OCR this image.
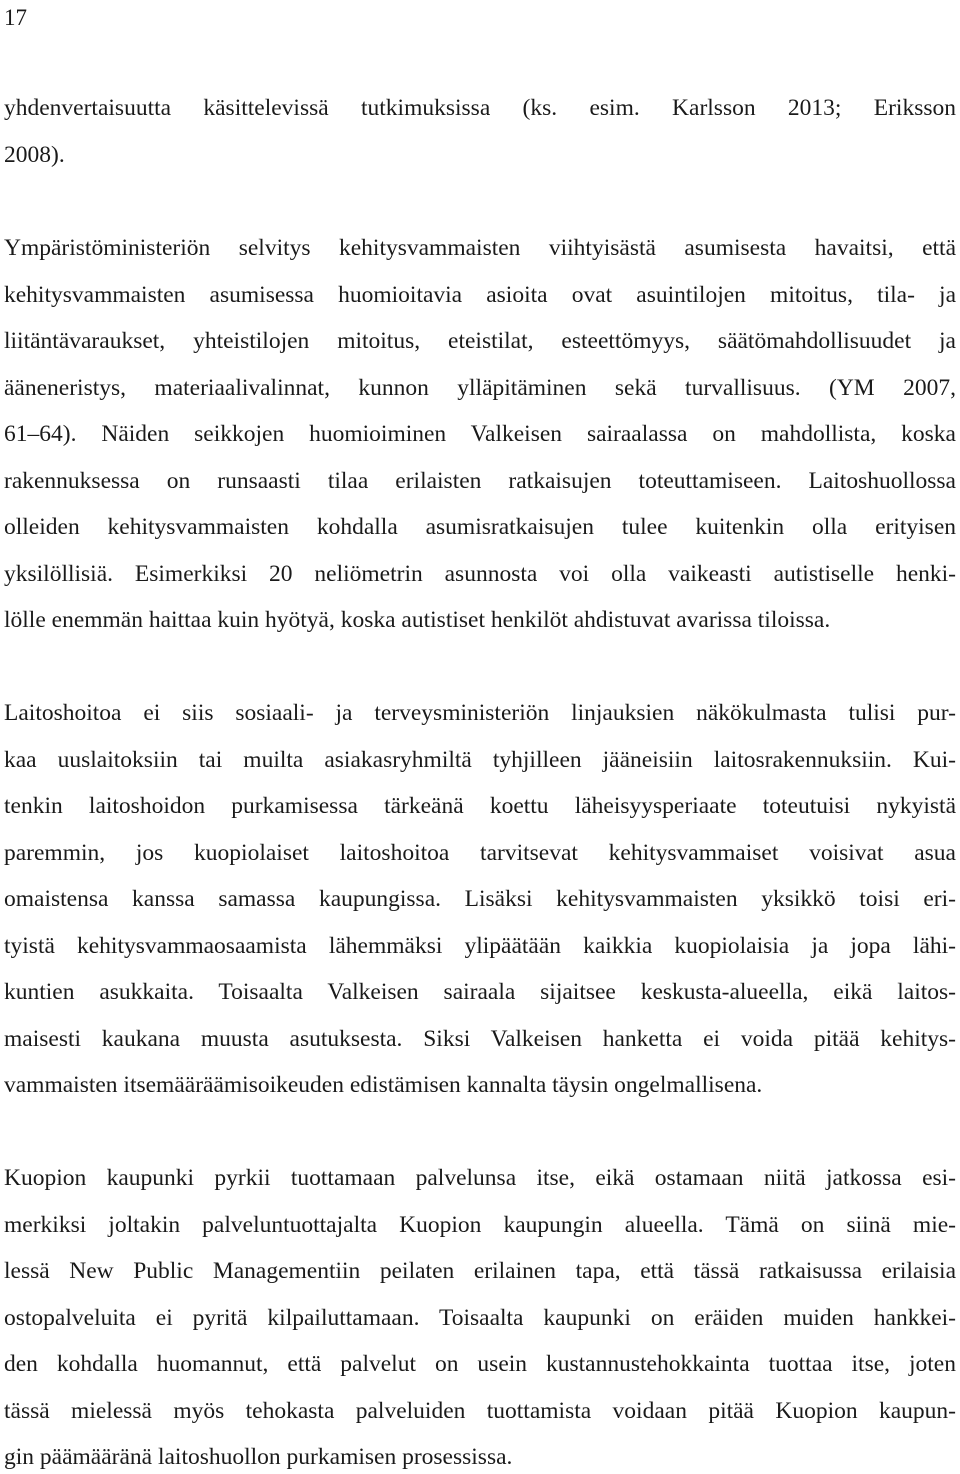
17
yhdenvertaisuutta käsittelevissä tutkimuksissa (ks. esim. Karlsson 2013; Eriksson
2008).
Ympäristöministeriön selvitys kehitysvammaisten viihtyisästä asumisesta havaitsi, että
kehitysvammaisten asumisessa huomioitavia asioita ovat asuintilojen mitoitus, tila- ja
liitäntävaraukset, yhteistilojen mitoitus, eteistilat, esteettömyys, säätömahdollisuudet ja
ääneneristys, materiaalivalinnat, kunnon ylläpitäminen sekä turvallisuus. (YM 2007,
61–64). Näiden seikkojen huomioiminen Valkeisen sairaalassa on mahdollista, koska
rakennuksessa on runsaasti tilaa erilaisten ratkaisujen toteuttamiseen. Laitoshuollossa
olleiden kehitysvammaisten kohdalla asumisratkaisujen tulee kuitenkin olla erityisen
yksilöllisiä. Esimerkiksi 20 neliömetrin asunnosta voi olla vaikeasti autistiselle henki-
lölle enemmän haittaa kuin hyötyä, koska autistiset henkilöt ahdistuvat avarissa tiloissa.
Laitoshoitoa ei siis sosiaali- ja terveysministeriön linjauksien näkökulmasta tulisi pur-
kaa uuslaitoksiin tai muilta asiakasryhmiltä tyhjilleen jääneisiin laitosrakennuksiin. Kui-
tenkin laitoshoidon purkamisessa tärkeänä koettu läheisyysperiaate toteutuisi nykyistä
paremmin, jos kuopiolaiset laitoshoitoa tarvitsevat kehitysvammaiset voisivat asua
omaistensa kanssa samassa kaupungissa. Lisäksi kehitysvammaisten yksikkö toisi eri-
tyistä kehitysvammaosaamista lähemmäksi ylipäätään kaikkia kuopiolaisia ja jopa lähi-
kuntien asukkaita. Toisaalta Valkeisen sairaala sijaitsee keskusta-alueella, eikä laitos-
maisesti kaukana muusta asutuksesta. Siksi Valkeisen hanketta ei voida pitää kehitys-
vammaisten itsemääräämisoikeuden edistämisen kannalta täysin ongelmallisena.
Kuopion kaupunki pyrkii tuottamaan palvelunsa itse, eikä ostamaan niitä jatkossa esi-
merkiksi joltakin palveluntuottajalta Kuopion kaupungin alueella. Tämä on siinä mie-
lessä New Public Managementiin peilaten erilainen tapa, että tässä ratkaisussa erilaisia
ostopalveluita ei pyritä kilpailuttamaan. Toisaalta kaupunki on eräiden muiden hankkei-
den kohdalla huomannut, että palvelut on usein kustannustehokkainta tuottaa itse, joten
tässä mielessä myös tehokasta palveluiden tuottamista voidaan pitää Kuopion kaupun-
gin päämääränä laitoshuollon purkamisen prosessissa.
